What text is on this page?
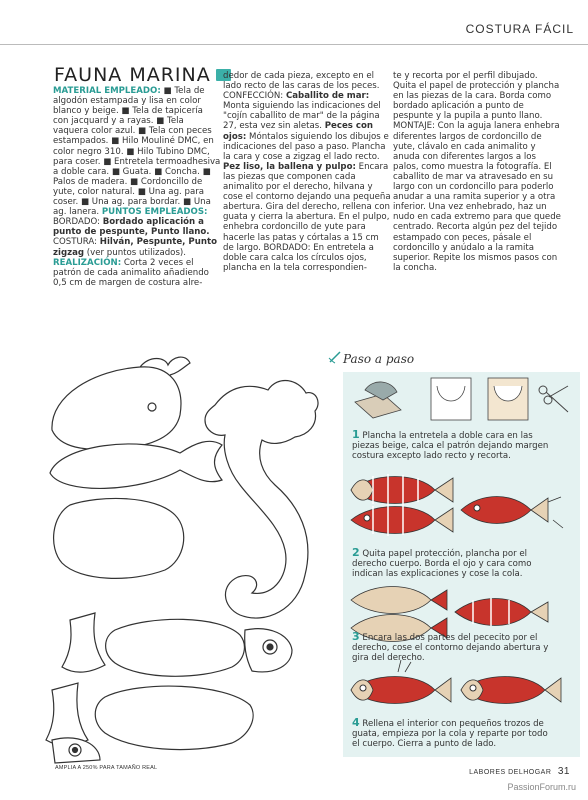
COSTURA FÁCIL
FAUNA MARINA

MATERIAL EMPLEADO: ■ Tela de algodón estampada y lisa en color blanco y beige. ■ Tela de tapicería con jacquard y a rayas. ■ Tela vaquera color azul. ■ Tela con peces estampados. ■ Hilo Mouliné DMC, en color negro 310. ■ Hilo Tubino DMC, para coser. ■ Entretela termoadhesiva a doble cara. ■ Guata. ■ Concha. ■ Palos de madera. ■ Cordoncillo de yute, color natural. ■ Una ag. para coser. ■ Una ag. para bordar. ■ Una ag. lanera. PUNTOS EMPLEADOS: BORDADO: Bordado aplicación a punto de pespunte, Punto llano. COSTURA: Hilván, Pespunte, Punto zigzag (ver puntos utilizados). REALIZACIÓN: Corta 2 veces el patrón de cada animalito añadiendo 0,5 cm de margen de costura alre-

dedor de cada pieza, excepto en el lado recto de las caras de los peces. CONFECCIÓN: Caballito de mar: Monta siguiendo las indicaciones del "cojín caballito de mar" de la página 27, esta vez sin aletas. Peces con ojos: Móntalos siguiendo los dibujos e indicaciones del paso a paso. Plancha la cara y cose a zigzag el lado recto. Pez liso, la ballena y pulpo: Encara las piezas que componen cada animalito por el derecho, hilvana y cose el contorno dejando una pequeña abertura. Gira del derecho, rellena con guata y cierra la abertura. En el pulpo, enhebra cordoncillo de yute para hacerle las patas y córtalas a 15 cm de largo. BORDADO: En entretela a doble cara calca los círculos ojos, plancha en la tela correspondien-

te y recorta por el perfil dibujado. Quita el papel de protección y plancha en las piezas de la cara. Borda como bordado aplicación a punto de pespunte y la pupila a punto llano. MONTAJE: Con la aguja lanera enhebra diferentes largos de cordoncillo de yute, clávalo en cada animalito y anuda con diferentes largos a los palos, como muestra la fotografía. El caballito de mar va atravesado en su largo con un cordoncillo para poderlo anudar a una ramita superior y a otra inferior. Una vez enhebrado, haz un nudo en cada extremo para que quede centrado. Recorta algún pez del tejido estampado con peces, pásale el cordoncillo y anúdalo a la ramita superior. Repite los mismos pasos con la concha.

AMPLIA A 250% PARA TAMAÑO REAL
Paso a paso
1 Plancha la entretela a doble cara en las piezas beige, calca el patrón dejando margen costura excepto lado recto y recorta.
2 Quita papel protección, plancha por el derecho cuerpo. Borda el ojo y cara como indican las explicaciones y cose la cola.
3 Encara las dos partes del pececito por el derecho, cose el contorno dejando abertura y gira del derecho.
4 Rellena el interior con pequeños trozos de guata, empieza por la cola y reparte por todo el cuerpo. Cierra a punto de lado.
LABORES DELHOGAR 31
PassionForum.ru
